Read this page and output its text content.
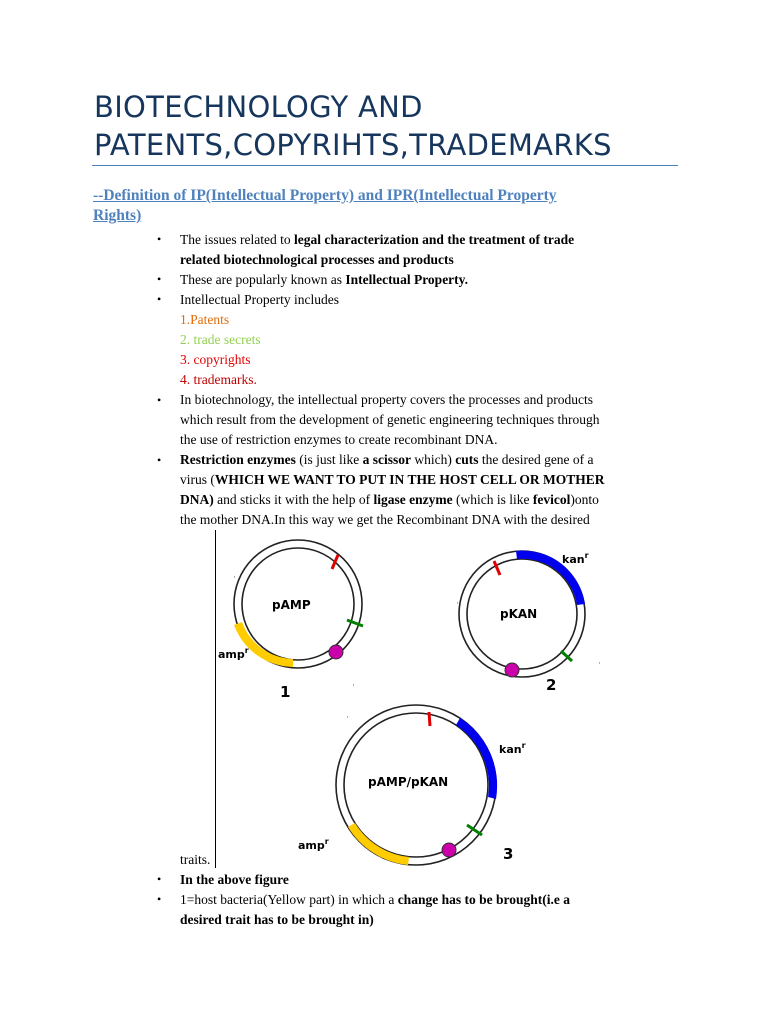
BIOTECHNOLOGY AND
PATENTS,COPYRIHTS,TRADEMARKS
--Definition of IP(Intellectual Property) and IPR(Intellectual Property
Rights)
•
•
•
•
•
•
•
The issues related to legal characterization and the treatment of trade
related biotechnological processes and products
These are popularly known as Intellectual Property.
Intellectual Property includes
1.Patents
2. trade secrets
3. copyrights
4. trademarks.
In biotechnology, the intellectual property covers the processes and products
which result from the development of genetic engineering techniques through
the use of restriction enzymes to create recombinant DNA.
Restriction enzymes (is just like a scissor which) cuts the desired gene of a
virus (WHICH WE WANT TO PUT IN THE HOST CELL OR MOTHER
DNA) and sticks it with the help of ligase enzyme (which is like fevicol)onto
the mother DNA.In this way we get the Recombinant DNA with the desired
pAMP
amp$^r$
1
·
·
pKAN
kan$^r$
2
·
·
pAMP/pKAN
kan$^r$
amp$^r$
3
·
traits.
In the above figure
1=host bacteria(Yellow part) in which a change has to be brought(i.e a
desired trait has to be brought in)
